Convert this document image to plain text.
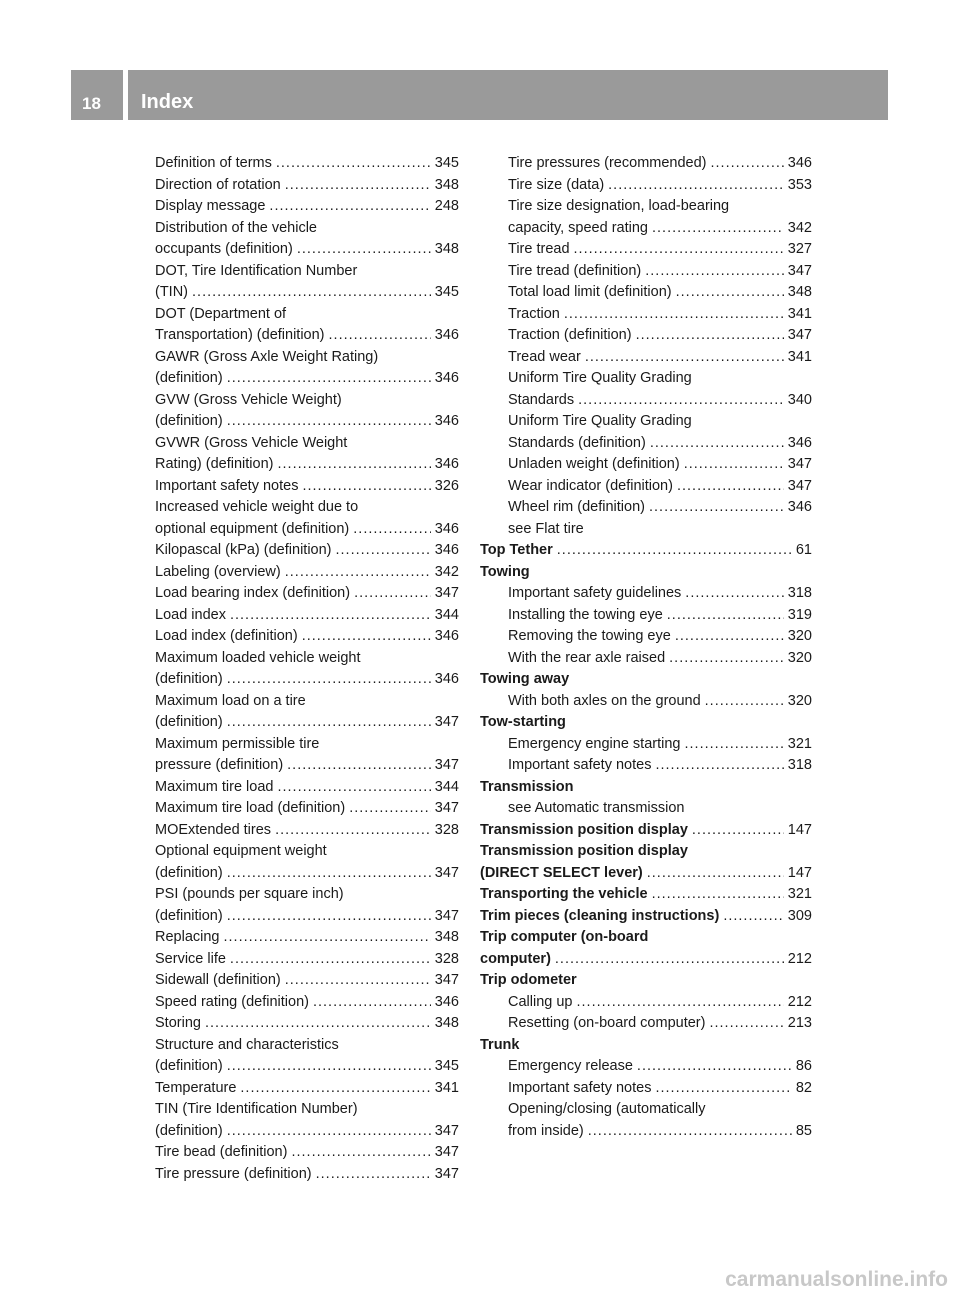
18 Index
Definition of terms .....	345
Direction of rotation .....	348
Display message .....	248
Distribution of the vehicle
occupants (definition) .....	348
DOT, Tire Identification Number
(TIN) .....	345
DOT (Department of
Transportation) (definition) .....	346
GAWR (Gross Axle Weight Rating)
(definition) .....	346
GVW (Gross Vehicle Weight)
(definition) .....	346
GVWR (Gross Vehicle Weight
Rating) (definition) .....	346
Important safety notes .....	326
Increased vehicle weight due to
optional equipment (definition) .....	346
Kilopascal (kPa) (definition) .....	346
Labeling (overview) .....	342
Load bearing index (definition) .....	347
Load index .....	344
Load index (definition) .....	346
Maximum loaded vehicle weight
(definition) .....	346
Maximum load on a tire
(definition) .....	347
Maximum permissible tire
pressure (definition) .....	347
Maximum tire load .....	344
Maximum tire load (definition) .....	347
MOExtended tires .....	328
Optional equipment weight
(definition) .....	347
PSI (pounds per square inch)
(definition) .....	347
Replacing .....	348
Service life .....	328
Sidewall (definition) .....	347
Speed rating (definition) .....	346
Storing .....	348
Structure and characteristics
(definition) .....	345
Temperature .....	341
TIN (Tire Identification Number)
(definition) .....	347
Tire bead (definition) .....	347
Tire pressure (definition) .....	347
Tire pressures (recommended) .....	346
Tire size (data) .....	353
Tire size designation, load-bearing
capacity, speed rating .....	342
Tire tread .....	327
Tire tread (definition) .....	347
Total load limit (definition) .....	348
Traction .....	341
Traction (definition) .....	347
Tread wear .....	341
Uniform Tire Quality Grading
Standards .....	340
Uniform Tire Quality Grading
Standards (definition) .....	346
Unladen weight (definition) .....	347
Wear indicator (definition) .....	347
Wheel rim (definition) .....	346
see Flat tire
Top Tether .....	61
Towing
Important safety guidelines .....	318
Installing the towing eye .....	319
Removing the towing eye .....	320
With the rear axle raised .....	320
Towing away
With both axles on the ground .....	320
Tow-starting
Emergency engine starting .....	321
Important safety notes .....	318
Transmission
see Automatic transmission
Transmission position display .....	147
Transmission position display
(DIRECT SELECT lever) .....	147
Transporting the vehicle .....	321
Trim pieces (cleaning instructions) .....	309
Trip computer (on-board
computer) .....	212
Trip odometer
Calling up .....	212
Resetting (on-board computer) .....	213
Trunk
Emergency release .....	86
Important safety notes .....	82
Opening/closing (automatically
from inside) .....	85
carmanualsonline.info
